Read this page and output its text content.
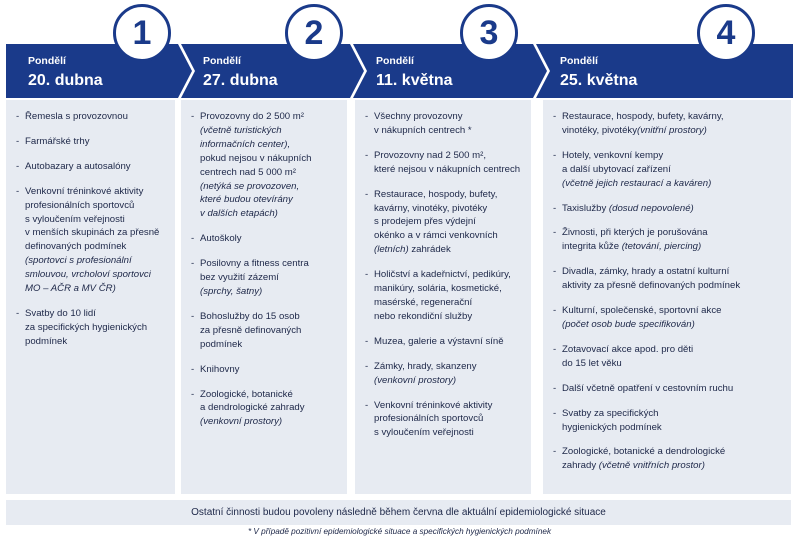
1	2	3	4
Pondělí
20. dubna
Pondělí
27. dubna
Pondělí
11. května
Pondělí
25. května
- Řemesla s provozovnou
- Farmářské trhy
- Autobazary a autosalóny
- Venkovní tréninkové aktivity
profesionálních sportovců
s vyloučením veřejnosti
v menších skupinách za přesně
definovaných podmínek
(sportovci s profesionální
smlouvou, vrcholoví sportovci
MO – AČR a MV ČR)
- Svatby do 10 lidí
za specifických hygienických
podmínek
- Provozovny do 2 500 m²
(včetně turistických
informačních center),
pokud nejsou v nákupních
centrech nad 5 000 m²
(netýká se provozoven,
které budou otevírány
v dalších etapách)
- Autoškoly
- Posilovny a fitness centra
bez využití zázemí
(sprchy, šatny)
- Bohoslužby do 15 osob
za přesně definovaných
podmínek
- Knihovny
- Zoologické, botanické
a dendrologické zahrady
(venkovní prostory)
- Všechny provozovny
v nákupních centrech *
- Provozovny nad 2 500 m²,
které nejsou v nákupních centrech
- Restaurace, hospody, bufety,
kavárny, vinotéky, pivotéky
s prodejem přes výdejní
okénko a v rámci venkovních
(letních) zahrádek
- Holičství a kadeřnictví, pedikúry,
manikúry, solária, kosmetické,
masérské, regenerační
nebo rekondiční služby
- Muzea, galerie a výstavní síně
- Zámky, hrady, skanzeny
(venkovní prostory)
- Venkovní tréninkové aktivity
profesionálních sportovců
s vyloučením veřejnosti
- Restaurace, hospody, bufety, kavárny,
vinotéky, pivotéky(vnitřní prostory)
- Hotely, venkovní kempy
a další ubytovací zařízení
(včetně jejich restaurací a kaváren)
- Taxislužby (dosud nepovolené)
- Živnosti, při kterých je porušována
integrita kůže (tetování, piercing)
- Divadla, zámky, hrady a ostatní kulturní
aktivity za přesně definovaných podmínek
- Kulturní, společenské, sportovní akce
(počet osob bude specifikován)
- Zotavovací akce apod. pro děti
do 15 let věku
- Další včetně opatření v cestovním ruchu
- Svatby za specifických
hygienických podmínek
- Zoologické, botanické a dendrologické
zahrady (včetně vnitřních prostor)
Ostatní činnosti budou povoleny následně během června dle aktuální epidemiologické situace
* V případě pozitivní epidemiologické situace a specifických hygienických podmínek
